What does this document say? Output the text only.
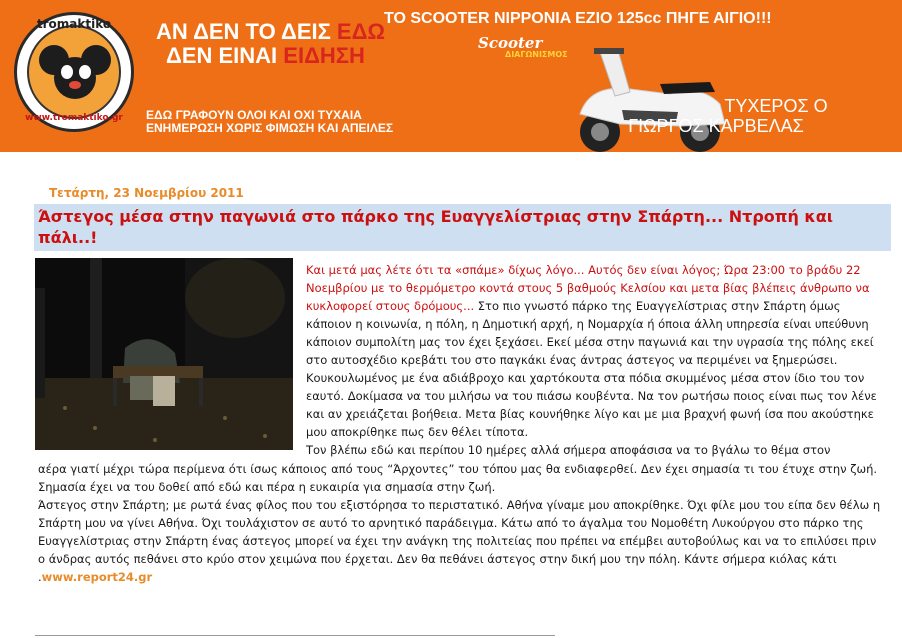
tromaktiko
www.tromaktiko.gr
ΑΝ ΔΕΝ ΤΟ ΔΕΙΣ ΕΔΩ
ΔΕΝ ΕΙΝΑΙ ΕΙΔΗΣΗ
ΕΔΩ ΓΡΑΦΟΥΝ ΟΛΟΙ ΚΑΙ ΟΧΙ ΤΥΧΑΙΑ
ΕΝΗΜΕΡΩΣΗ ΧΩΡΙΣ ΦΙΜΩΣΗ ΚΑΙ ΑΠΕΙΛΕΣ
ΤΟ SCOOTER NIPPONIA EZIO 125cc ΠΗΓΕ ΑΙΓΙΟ!!!
Scooter
ΔΙΑΓΩΝΙΣΜΟΣ
ΤΥΧΕΡΟΣ Ο
ΓΙΩΡΓΟΣ ΚΑΡΒΕΛΑΣ
Τετάρτη, 23 Νοεμβρίου 2011
Άστεγος μέσα στην παγωνιά στο πάρκο της Ευαγγελίστριας στην Σπάρτη... Ντροπή και πάλι..!
Και μετά μας λέτε ότι τα «σπάμε» δίχως λόγο... Αυτός δεν είναι λόγος; Ώρα 23:00 το βράδυ 22 Νοεμβρίου με το θερμόμετρο κοντά στους 5 βαθμούς Κελσίου και μετα βίας βλέπεις άνθρωπο να κυκλοφορεί στους δρόμους... Στο πιο γνωστό πάρκο της Ευαγγελίστριας στην Σπάρτη όμως κάποιον η κοινωνία, η πόλη, η Δημοτική αρχή, η Νομαρχία ή όποια άλλη υπηρεσία είναι υπεύθυνη κάποιον συμπολίτη μας τον έχει ξεχάσει. Εκεί μέσα στην παγωνιά και την υγρασία της πόλης εκεί στο αυτοσχέδιο κρεβάτι του στο παγκάκι ένας άντρας άστεγος να περιμένει να ξημερώσει. Κουκουλωμένος με ένα αδιάβροχο και χαρτόκουτα στα πόδια σκυμμένος μέσα στον ίδιο του τον εαυτό. Δοκίμασα να του μιλήσω να του πιάσω κουβέντα. Να τον ρωτήσω ποιος είναι πως τον λένε και αν χρειάζεται βοήθεια. Μετα βίας κουνήθηκε λίγο και με μια βραχνή φωνή ίσα που ακούστηκε μου αποκρίθηκε πως δεν θέλει τίποτα.
Τον βλέπω εδώ και περίπου 10 ημέρες αλλά σήμερα αποφάσισα να το βγάλω το θέμα στον

αέρα γιατί μέχρι τώρα περίμενα ότι ίσως κάποιος από τους “Άρχοντες” του τόπου μας θα ενδιαφερθεί. Δεν έχει σημασία τι του έτυχε στην ζωή. Σημασία έχει να του δοθεί από εδώ και πέρα η ευκαιρία για σημασία στην ζωή.

Άστεγος στην Σπάρτη; με ρωτά ένας φίλος που του εξιστόρησα το περιστατικό. Αθήνα γίναμε μου αποκρίθηκε. Όχι φίλε μου του είπα δεν θέλω η Σπάρτη μου να γίνει Αθήνα. Όχι τουλάχιστον σε αυτό το αρνητικό παράδειγμα. Κάτω από το άγαλμα του Νομοθέτη Λυκούργου στο πάρκο της Ευαγγελίστριας στην Σπάρτη ένας άστεγος μπορεί να έχει την ανάγκη της πολιτείας που πρέπει να επέμβει αυτοβούλως και να το επιλύσει πριν ο άνδρας αυτός πεθάνει στο κρύο στον χειμώνα που έρχεται. Δεν θα πεθάνει άστεγος στην δική μου την πόλη. Κάντε σήμερα κιόλας κάτι

.www.report24.gr
